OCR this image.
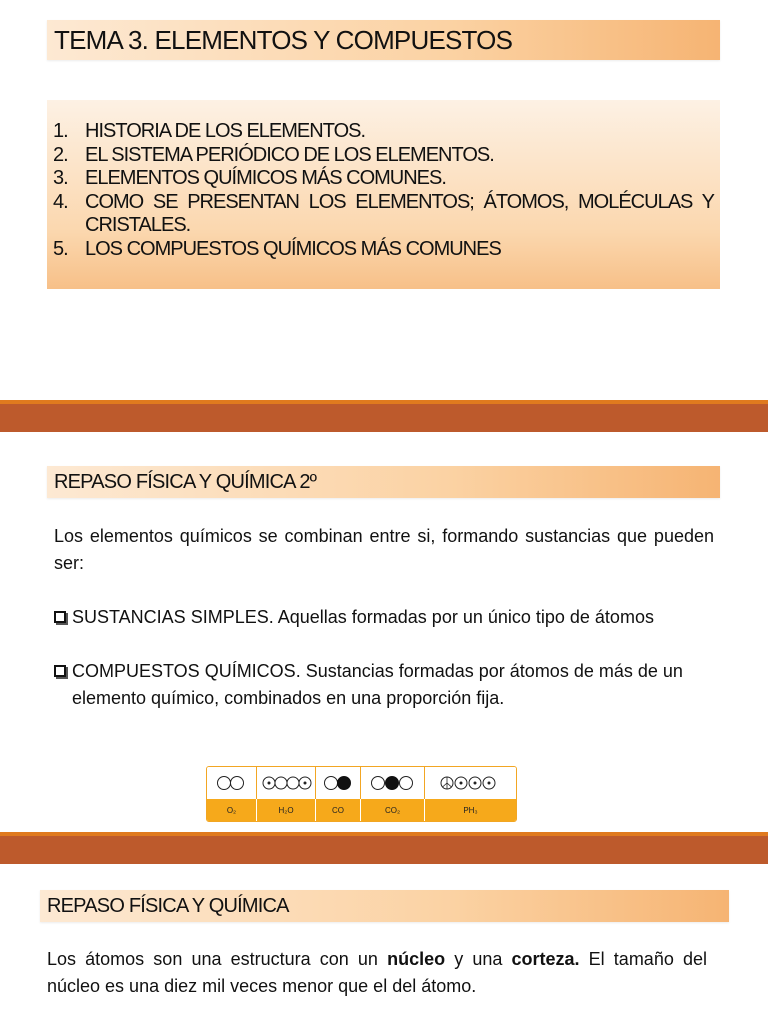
TEMA 3. ELEMENTOS Y COMPUESTOS
1. HISTORIA DE LOS ELEMENTOS.
2. EL SISTEMA PERIÓDICO DE LOS ELEMENTOS.
3. ELEMENTOS QUÍMICOS MÁS COMUNES.
4. COMO SE PRESENTAN LOS ELEMENTOS; ÁTOMOS, MOLÉCULAS Y CRISTALES.
5. LOS COMPUESTOS QUÍMICOS MÁS COMUNES
REPASO FÍSICA Y QUÍMICA 2º
Los elementos químicos se combinan entre si, formando sustancias que pueden ser:
SUSTANCIAS SIMPLES. Aquellas formadas por un único tipo de átomos
COMPUESTOS QUÍMICOS. Sustancias formadas por átomos de más de un elemento químico, combinados en una proporción fija.
O₂	H₂O	CO	CO₂	PH₃
REPASO FÍSICA Y QUÍMICA
Los átomos son una estructura con un núcleo y una corteza. El tamaño del núcleo es una diez mil veces menor que el del átomo.
